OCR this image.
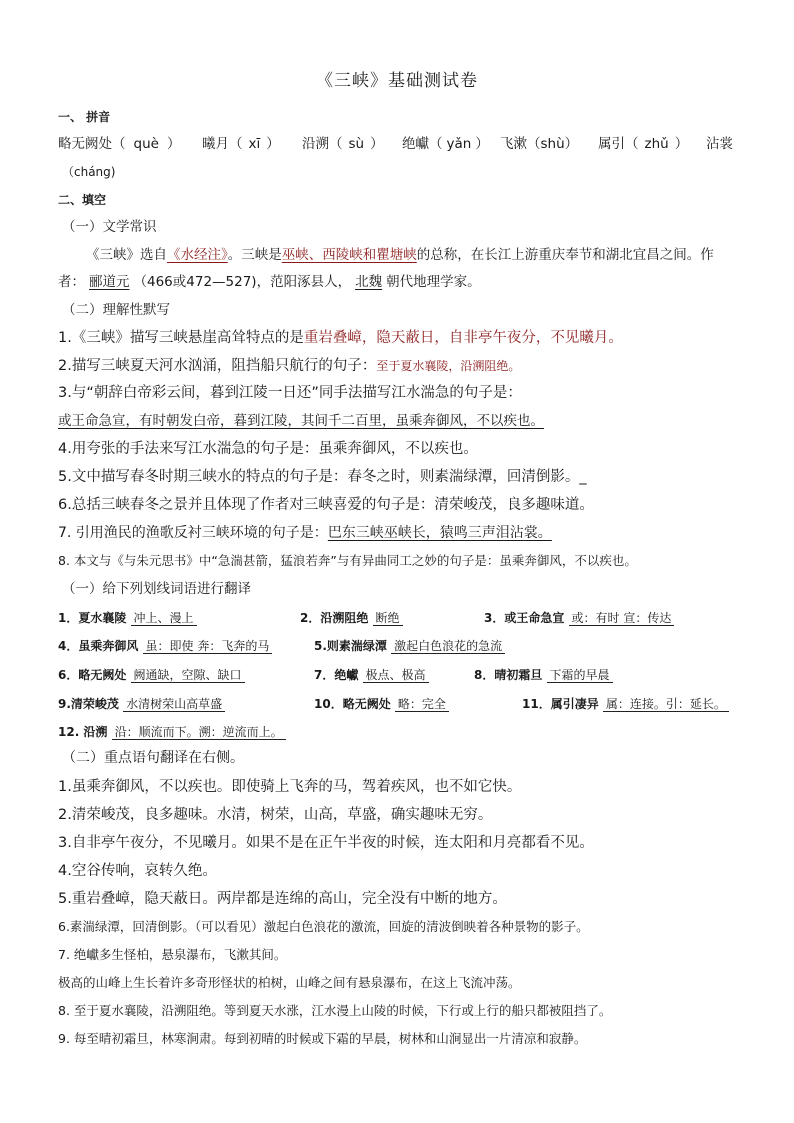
《三峡》基础测试卷
一、 拼音
略无阙处（ què ） 曦月（ xī ） 沿溯（ sù ） 绝巘（ yǎn ） 飞漱（shù） 属引（ zhǔ ） 沾裳
（cháng)
二、填空
（一）文学常识
《三峡》选自《水经注》。三峡是巫峡、西陵峡和瞿塘峡的总称，在长江上游重庆奉节和湖北宜昌之间。作
者： 郦道元 （466或472—527)，范阳涿县人， 北魏 朝代地理学家。
（二）理解性默写
1.《三峡》描写三峡悬崖高耸特点的是重岩叠嶂，隐天蔽日，自非亭午夜分，不见曦月。
2.描写三峡夏天河水汹涌，阻挡船只航行的句子：至于夏水襄陵，沿溯阻绝。
3.与“朝辞白帝彩云间，暮到江陵一日还”同手法描写江水湍急的句子是：
或王命急宣，有时朝发白帝，暮到江陵，其间千二百里，虽乘奔御风，不以疾也。
4.用夸张的手法来写江水湍急的句子是：虽乘奔御风，不以疾也。
5.文中描写春冬时期三峡水的特点的句子是：春冬之时，则素湍绿潭，回清倒影。_
6.总括三峡春冬之景并且体现了作者对三峡喜爱的句子是：清荣峻茂，良多趣味道。
7. 引用渔民的渔歌反衬三峡环境的句子是：巴东三峡巫峡长，猿鸣三声泪沾裳。
8. 本文与《与朱元思书》中“急湍甚箭，猛浪若奔”与有异曲同工之妙的句子是：虽乘奔御风，不以疾也。
（一）给下列划线词语进行翻译
1．夏水襄陵 冲上、漫上	2．沿溯阻绝 断绝	3．或王命急宣 或：有时 宣：传达
4．虽乘奔御风 虽：即使 奔：飞奔的马	5.则素湍绿潭 激起白色浪花的急流
6．略无阙处 阙通缺，空隙、缺口	7．绝巘 极点、极高	8．晴初霜旦 下霜的早晨
9.清荣峻茂 水清树荣山高草盛	10．略无阙处 略：完全	11．属引凄异 属：连接。引：延长。
12. 沿溯 沿：顺流而下。溯：逆流而上。
（二）重点语句翻译在右侧。
1.虽乘奔御风，不以疾也。即使骑上飞奔的马，驾着疾风，也不如它快。
2.清荣峻茂，良多趣味。水清，树荣，山高，草盛，确实趣味无穷。
3.自非亭午夜分，不见曦月。如果不是在正午半夜的时候，连太阳和月亮都看不见。
4.空谷传响，哀转久绝。
5.重岩叠嶂，隐天蔽日。两岸都是连绵的高山，完全没有中断的地方。
6.素湍绿潭，回清倒影。（可以看见）激起白色浪花的激流，回旋的清波倒映着各种景物的影子。
7. 绝巘多生怪柏，悬泉瀑布，飞漱其间。
极高的山峰上生长着许多奇形怪状的柏树，山峰之间有悬泉瀑布，在这上飞流冲荡。
8. 至于夏水襄陵，沿溯阻绝。等到夏天水涨，江水漫上山陵的时候，下行或上行的船只都被阻挡了。
9. 每至晴初霜旦，林寒涧肃。每到初晴的时候或下霜的早晨，树林和山涧显出一片清凉和寂静。
